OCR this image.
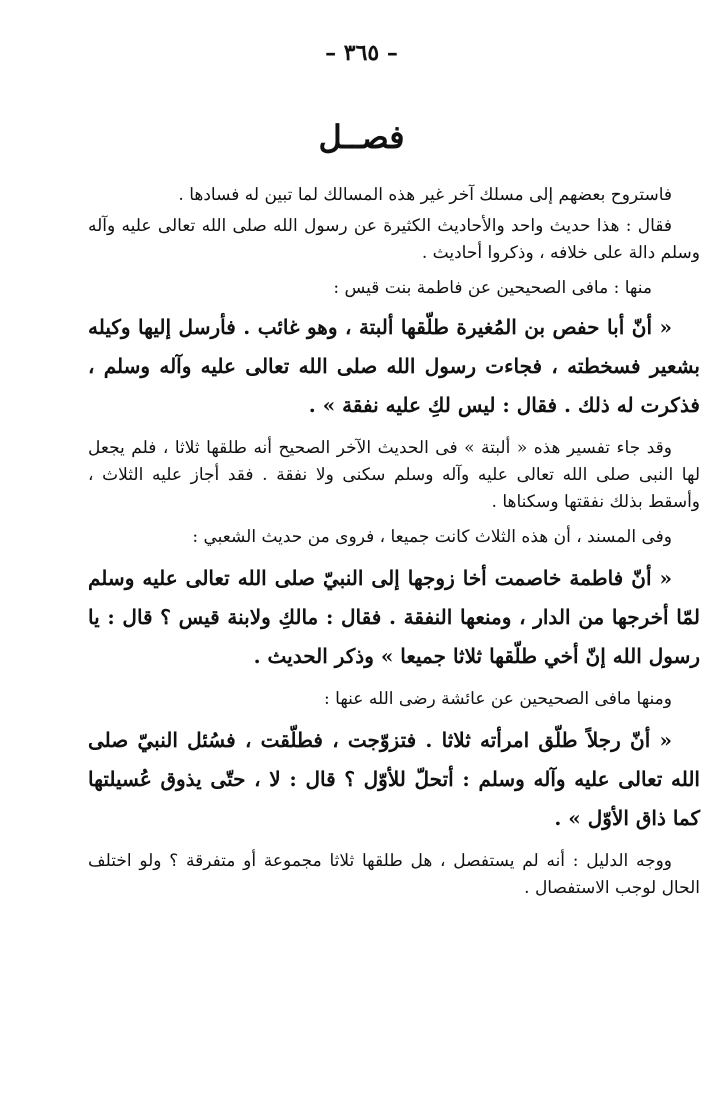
– ٣٦٥ –
فصــل

فاستروح بعضهم إلى مسلك آخر غير هذه المسالك لما تبين له فسادها .

فقال : هذا حديث واحد والأحاديث الكثيرة عن رسول الله صلى الله تعالى عليه وآله وسلم دالة على خلافه ، وذكروا أحاديث .

منها : مافى الصحيحين عن فاطمة بنت قيس :

« أنّ أبا حفص بن المُغيرة طلّقها ألبتة ، وهو غائب . فأرسل إليها وكيله بشعير فسخطته ، فجاءت رسول الله صلى الله تعالى عليه وآله وسلم ، فذكرت له ذلك . فقال : ليس لكِ عليه نفقة » .

وقد جاء تفسير هذه « ألبتة » فى الحديث الآخر الصحيح أنه طلقها ثلاثا ، فلم يجعل لها النبى صلى الله تعالى عليه وآله وسلم سكنى ولا نفقة . فقد أجاز عليه الثلاث ، وأسقط بذلك نفقتها وسكناها .

وفى المسند ، أن هذه الثلاث كانت جميعا ، فروى من حديث الشعبي :

« أنّ فاطمة خاصمت أخا زوجها إلى النبيّ صلى الله تعالى عليه وسلم لمّا أخرجها من الدار ، ومنعها النفقة . فقال : مالكِ ولابنة قيس ؟ قال : يا رسول الله إنّ أخي طلّقها ثلاثا جميعا » وذكر الحديث .

ومنها مافى الصحيحين عن عائشة رضى الله عنها :

« أنّ رجلاً طلّق امرأته ثلاثا . فتزوّجت ، فطلّقت ، فسُئل النبيّ صلى الله تعالى عليه وآله وسلم : أتحلّ للأوّل ؟ قال : لا ، حتّى يذوق عُسيلتها كما ذاق الأوّل » .

ووجه الدليل : أنه لم يستفصل ، هل طلقها ثلاثا مجموعة أو متفرقة ؟ ولو اختلف الحال لوجب الاستفصال .
